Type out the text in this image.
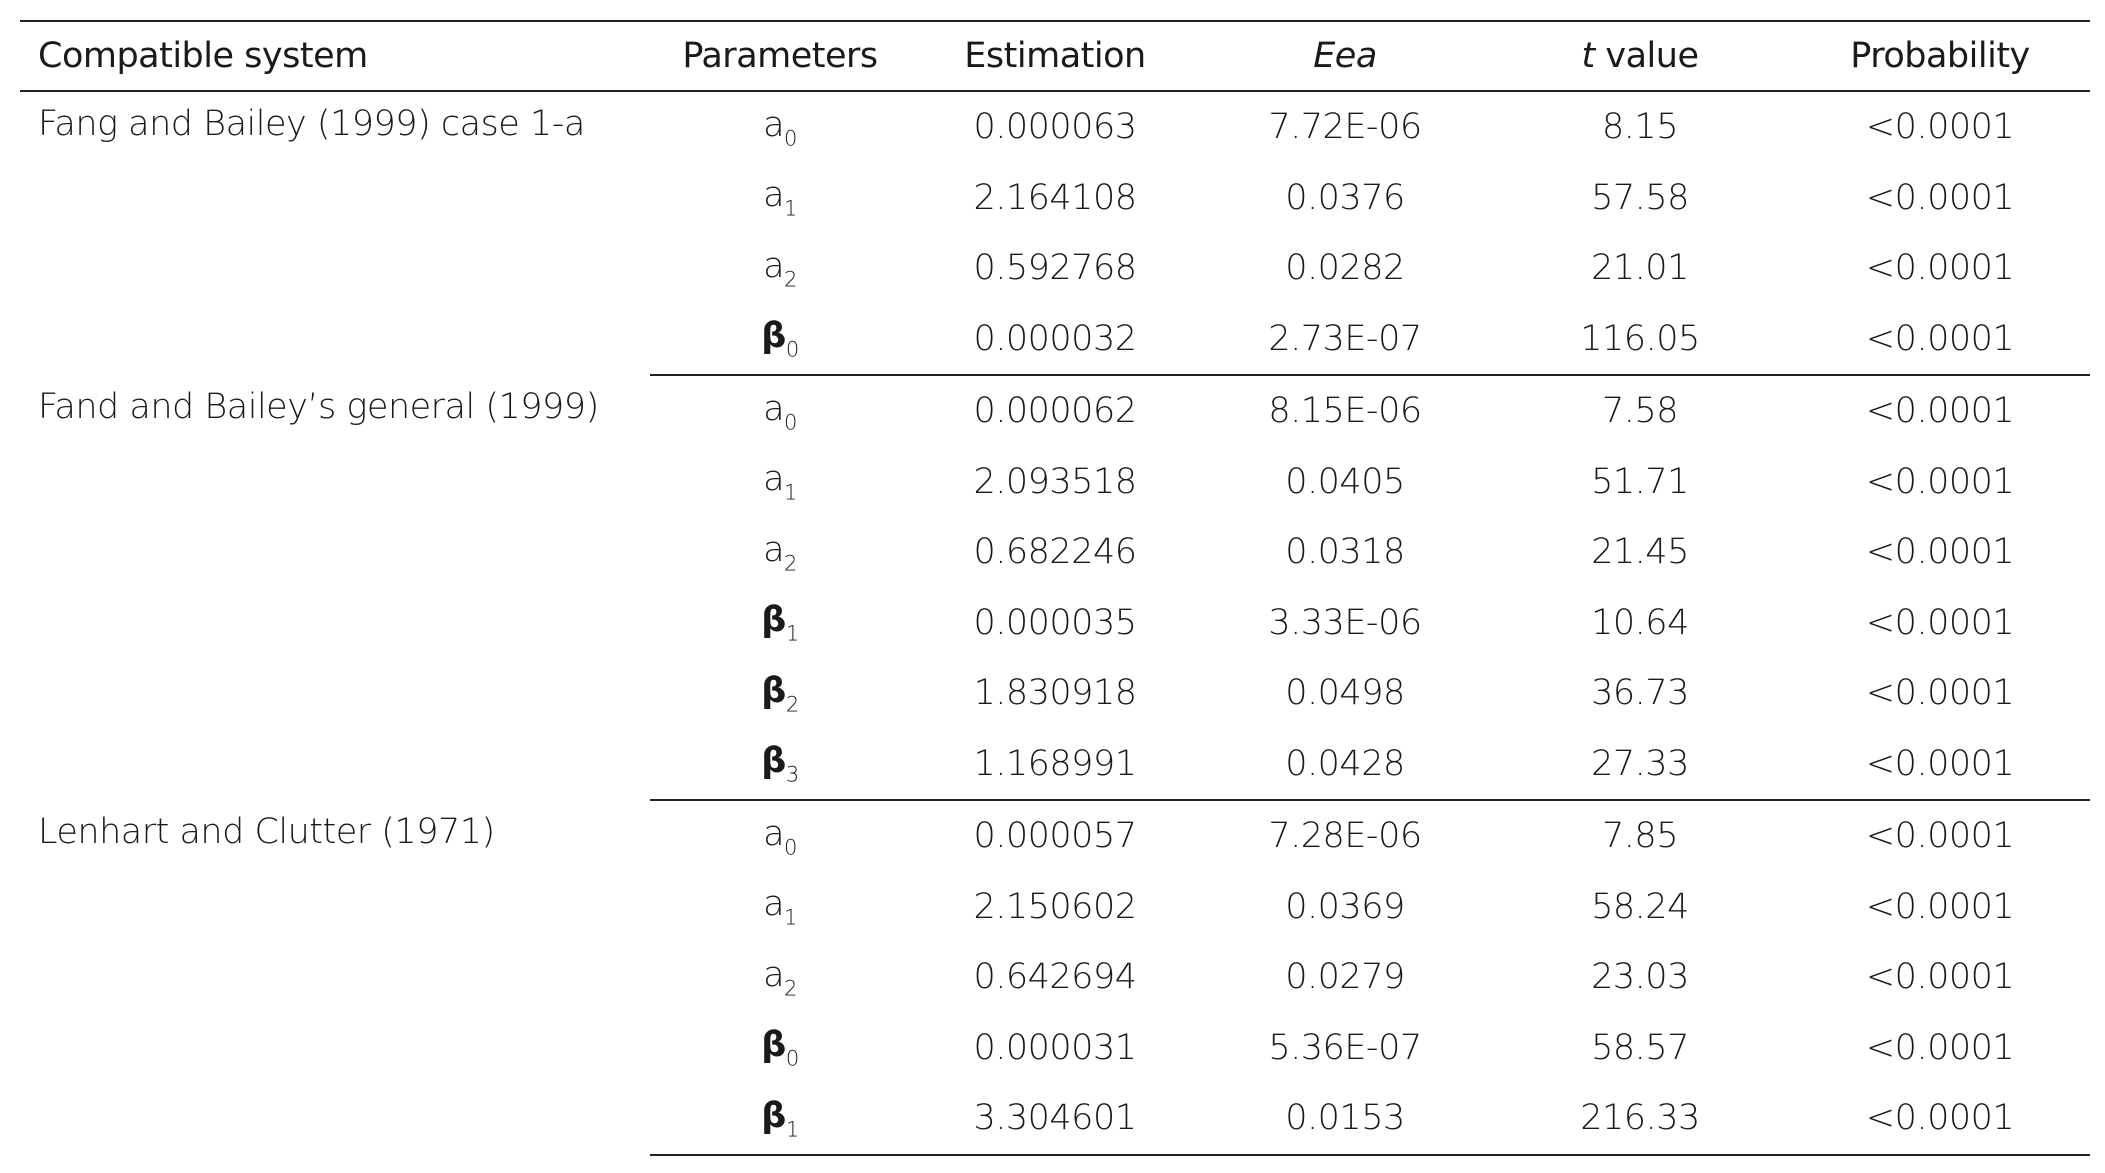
Compatible system	Parameters	Estimation	Eea	t value	Probability
Fang and Bailey (1999) case 1-a	$a_0$	0.000063	7.72E-06	8.15	<0.0001
	$a_1$	2.164108	0.0376	57.58	<0.0001
	$a_2$	0.592768	0.0282	21.01	<0.0001
	$\beta_0$	0.000032	2.73E-07	116.05	<0.0001
Fand and Bailey’s general (1999)	$a_0$	0.000062	8.15E-06	7.58	<0.0001
	$a_1$	2.093518	0.0405	51.71	<0.0001
	$a_2$	0.682246	0.0318	21.45	<0.0001
	$\beta_1$	0.000035	3.33E-06	10.64	<0.0001
	$\beta_2$	1.830918	0.0498	36.73	<0.0001
	$\beta_3$	1.168991	0.0428	27.33	<0.0001
Lenhart and Clutter (1971)	$a_0$	0.000057	7.28E-06	7.85	<0.0001
	$a_1$	2.150602	0.0369	58.24	<0.0001
	$a_2$	0.642694	0.0279	23.03	<0.0001
	$\beta_0$	0.000031	5.36E-07	58.57	<0.0001
	$\beta_1$	3.304601	0.0153	216.33	<0.0001
